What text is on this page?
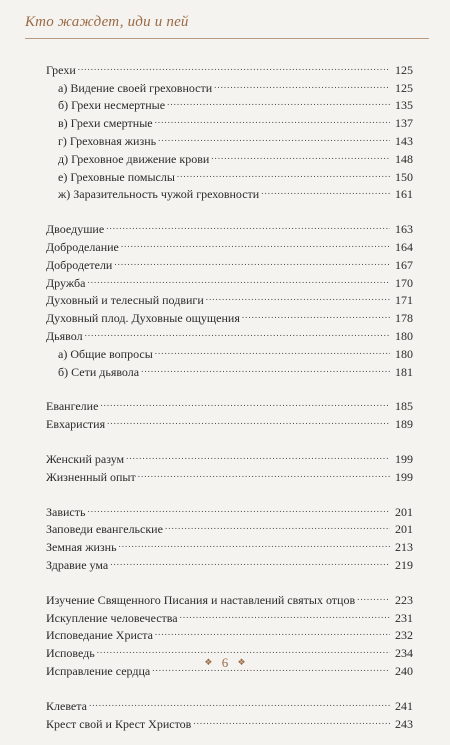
Кто жаждет, иди и пей
Грехи .....	125
а) Видение своей греховности .....	125
б) Грехи несмертные .....	135
в) Грехи смертные .....	137
г) Греховная жизнь .....	143
д) Греховное движение крови .....	148
е) Греховные помыслы .....	150
ж) Заразительность чужой греховности .....	161
Двоедушие .....	163
Доброделание .....	164
Добродетели .....	167
Дружба .....	170
Духовный и телесный подвиги .....	171
Духовный плод. Духовные ощущения .....	178
Дьявол .....	180
а) Общие вопросы .....	180
б) Сети дьявола .....	181
Евангелие .....	185
Евхаристия .....	189
Женский разум .....	199
Жизненный опыт .....	199
Зависть .....	201
Заповеди евангельские .....	201
Земная жизнь .....	213
Здравие ума .....	219
Изучение Священного Писания и наставлений святых отцов .....	223
Искупление человечества .....	231
Исповедание Христа .....	232
Исповедь .....	234
Исправление сердца .....	240
Клевета .....	241
Крест свой и Крест Христов .....	243
❖ 6 ❖
